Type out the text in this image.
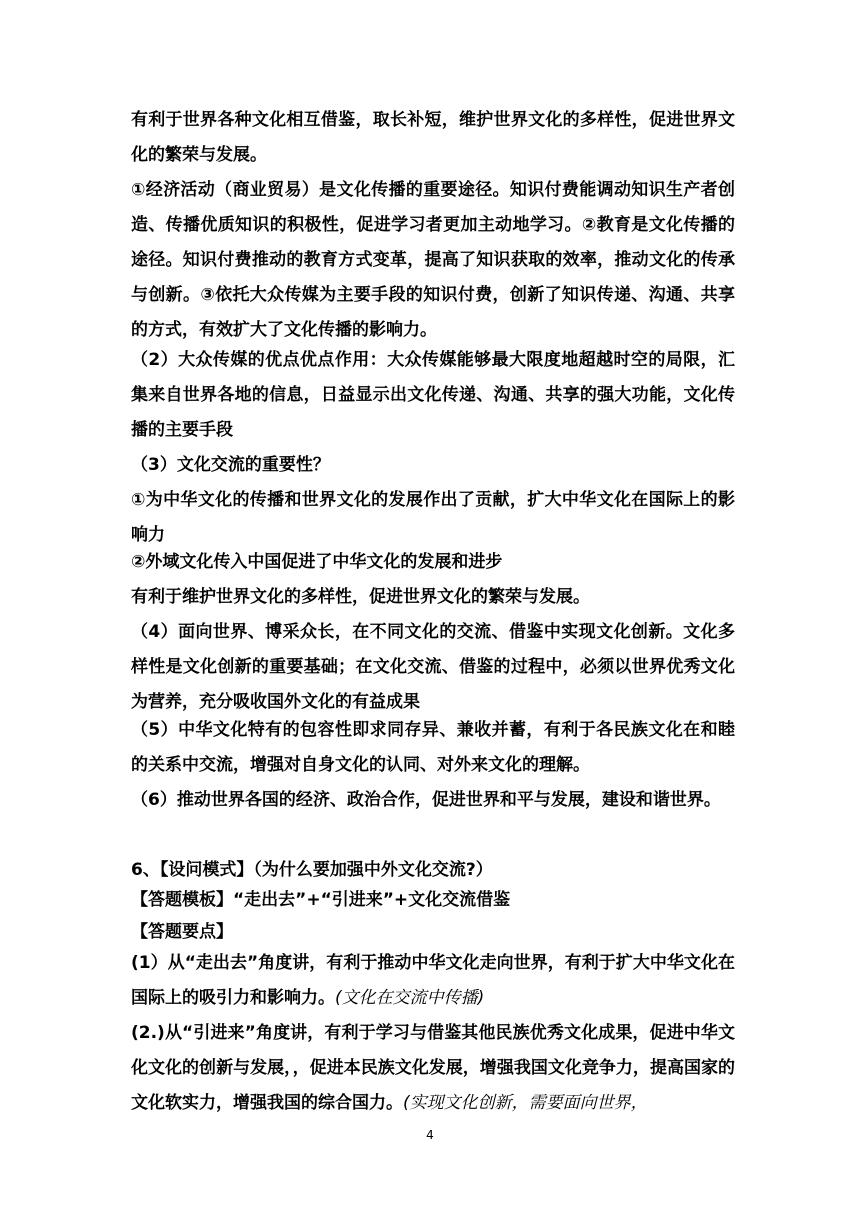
有利于世界各种文化相互借鉴，取长补短，维护世界文化的多样性，促进世界文化的繁荣与发展。
①经济活动（商业贸易）是文化传播的重要途径。知识付费能调动知识生产者创造、传播优质知识的积极性，促进学习者更加主动地学习。②教育是文化传播的途径。知识付费推动的教育方式变革，提高了知识获取的效率，推动文化的传承与创新。③依托大众传媒为主要手段的知识付费，创新了知识传递、沟通、共享的方式，有效扩大了文化传播的影响力。
（2）大众传媒的优点优点作用：大众传媒能够最大限度地超越时空的局限，汇集来自世界各地的信息，日益显示出文化传递、沟通、共享的强大功能，文化传播的主要手段
（3）文化交流的重要性？
①为中华文化的传播和世界文化的发展作出了贡献，扩大中华文化在国际上的影响力
②外域文化传入中国促进了中华文化的发展和进步
有利于维护世界文化的多样性，促进世界文化的繁荣与发展。
（4）面向世界、博采众长，在不同文化的交流、借鉴中实现文化创新。文化多样性是文化创新的重要基础；在文化交流、借鉴的过程中，必须以世界优秀文化为营养，充分吸收国外文化的有益成果
（5）中华文化特有的包容性即求同存异、兼收并蓄，有利于各民族文化在和睦的关系中交流，增强对自身文化的认同、对外来文化的理解。
（6）推动世界各国的经济、政治合作，促进世界和平与发展，建设和谐世界。
6、【设问模式】（为什么要加强中外文化交流?）
【答题模板】“走出去”+“引进来”+文化交流借鉴
【答题要点】
(1）从“走出去”角度讲，有利于推动中华文化走向世界，有利于扩大中华文化在国际上的吸引力和影响力。(文化在交流中传播)
(2.)从“引进来”角度讲，有利于学习与借鉴其他民族优秀文化成果，促进中华文化文化的创新与发展，，促进本民族文化发展，增强我国文化竞争力，提高国家的文化软实力，增强我国的综合国力。(实现文化创新，需要面向世界，
4
